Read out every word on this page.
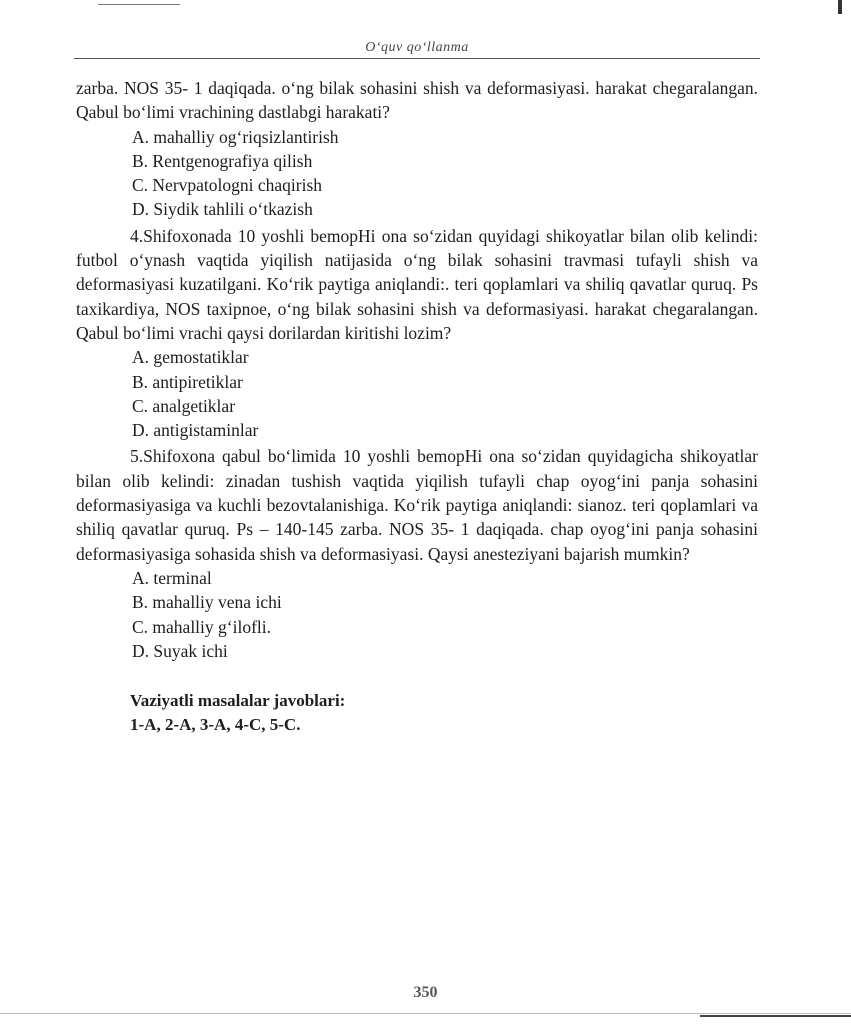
O‘quv qo‘llanma
zarba. NOS 35- 1 daqiqada. o‘ng bilak sohasini shish va deformasiyasi. harakat chegaralangan. Qabul bo‘limi vrachining dastlabgi harakati?
A. mahalliy og‘riqsizlantirish
B. Rentgenografiya qilish
C. Nervpatologni chaqirish
D. Siydik tahlili o‘tkazish
4.Shifoxonada 10 yoshli bemopHi ona so‘zidan quyidagi shikoyatlar bilan olib kelindi: futbol o‘ynash vaqtida yiqilish natijasida o‘ng bilak sohasini travmasi tufayli shish va deformasiyasi kuzatilgani. Ko‘rik paytiga aniqlandi:. teri qoplamlari va shiliq qavatlar quruq. Ps taxikardiya, NOS taxipnoe, o‘ng bilak sohasini shish va deformasiyasi. harakat chegaralangan. Qabul bo‘limi vrachi qaysi dorilardan kiritishi lozim?
A. gemostatiklar
B. antipiretiklar
C. analgetiklar
D. antigistaminlar
5.Shifoxona qabul bo‘limida 10 yoshli bemopHi ona so‘zidan quyidagicha shikoyatlar bilan olib kelindi: zinadan tushish vaqtida yiqilish tufayli chap oyog‘ini panja sohasini deformasiyasiga va kuchli bezovtalanishiga. Ko‘rik paytiga aniqlandi: sianoz. teri qoplamlari va shiliq qavatlar quruq. Ps – 140-145 zarba. NOS 35- 1 daqiqada. chap oyog‘ini panja sohasini deformasiyasiga sohasida shish va deformasiyasi. Qaysi anesteziyani bajarish mumkin?
A. terminal
B. mahalliy vena ichi
C. mahalliy g‘ilofli.
D. Suyak ichi
Vaziyatli masalalar javoblari:
1-A, 2-A, 3-A, 4-C, 5-C.
350
